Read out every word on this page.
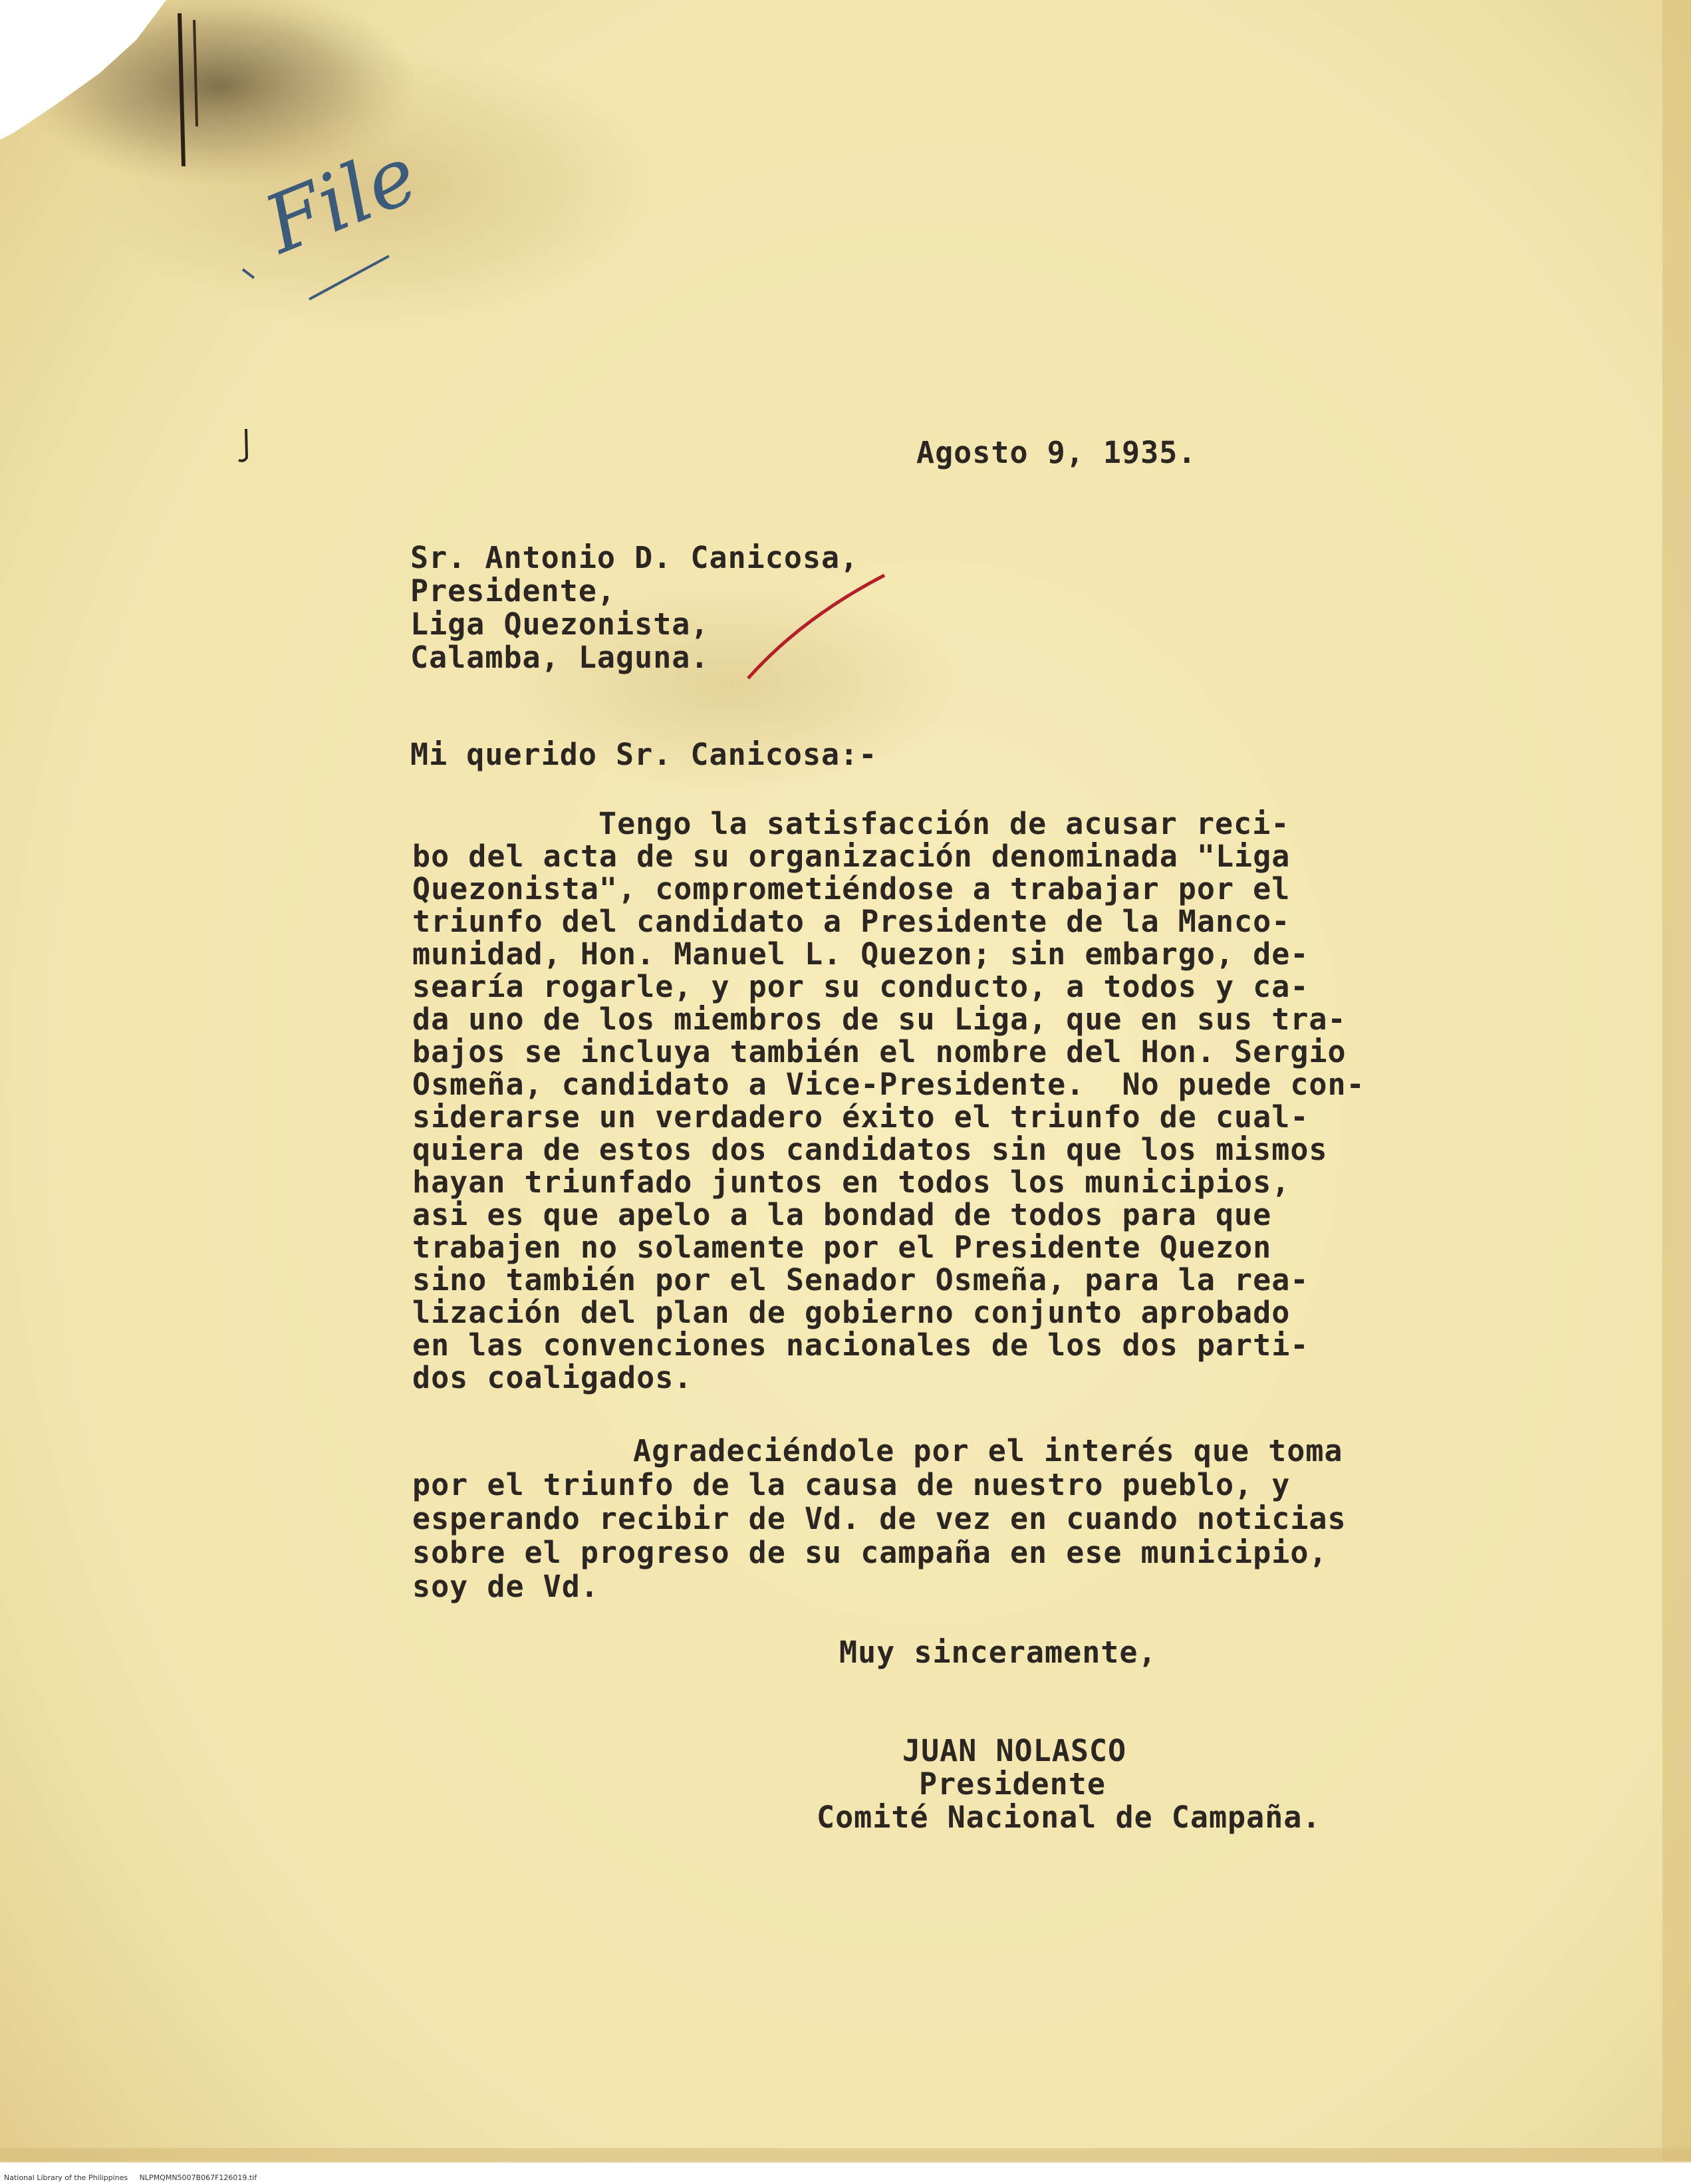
File
Agosto 9, 1935.
Sr. Antonio D. Canicosa,
Presidente,
Liga Quezonista,
Calamba, Laguna.
Mi querido Sr. Canicosa:-
Tengo la satisfacción de acusar reci-
bo del acta de su organización denominada "Liga
Quezonista", comprometiéndose a trabajar por el
triunfo del candidato a Presidente de la Manco-
munidad, Hon. Manuel L. Quezon; sin embargo, de-
searía rogarle, y por su conducto, a todos y ca-
da uno de los miembros de su Liga, que en sus tra-
bajos se incluya también el nombre del Hon. Sergio
Osmeña, candidato a Vice-Presidente.  No puede con-
siderarse un verdadero éxito el triunfo de cual-
quiera de estos dos candidatos sin que los mismos
hayan triunfado juntos en todos los municipios,
asi es que apelo a la bondad de todos para que
trabajen no solamente por el Presidente Quezon
sino también por el Senador Osmeña, para la rea-
lización del plan de gobierno conjunto aprobado
en las convenciones nacionales de los dos parti-
dos coaligados.
Agradeciéndole por el interés que toma
por el triunfo de la causa de nuestro pueblo, y
esperando recibir de Vd. de vez en cuando noticias
sobre el progreso de su campaña en ese municipio,
soy de Vd.
Muy sinceramente,
JUAN NOLASCO
Presidente
Comité Nacional de Campaña.
National Library of the Philippines NLPMQMN5007B067F126019.tif
